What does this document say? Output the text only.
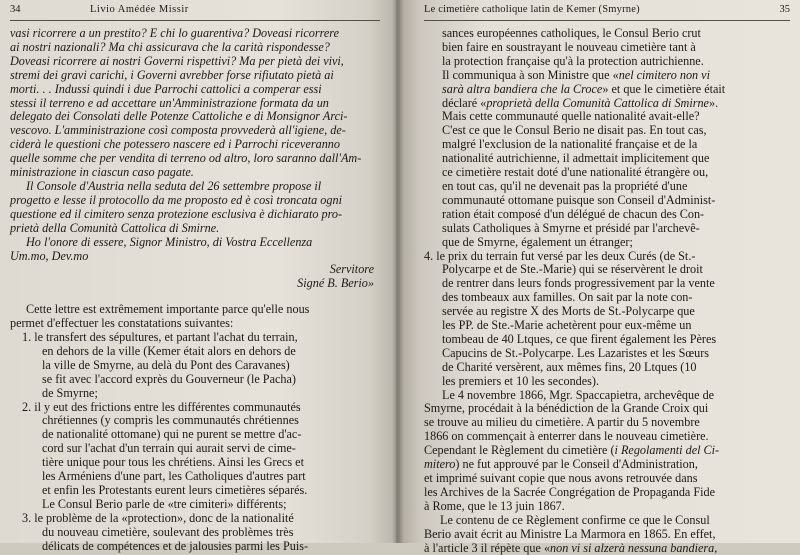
34	Livio Amédée Missir
vasi ricorrere a un prestito? E chi lo guarentiva? Doveasi ricorrere
ai nostri nazionali? Ma chi assicurava che la carità rispondesse?
Doveasi ricorrere ai nostri Governi rispettivi? Ma per pietà dei vivi,
stremi dei gravi carichi, i Governi avrebber forse rifiutato pietà ai
morti. . . Indussi quindi i due Parrochi cattolici a comperar essi
stessi il terreno e ad accettare un'Amministrazione formata da un
delegato dei Consolati delle Potenze Cattoliche e di Monsignor Arci-
vescovo. L'amministrazione così composta provvederà all'igiene, de-
ciderà le questioni che potessero nascere ed i Parrochi riceveranno
quelle somme che per vendita di terreno od altro, loro saranno dall'Am-
ministrazione in ciascun caso pagate.
Il Console d'Austria nella seduta del 26 settembre propose il
progetto e lesse il protocollo da me proposto ed è così troncata ogni
questione ed il cimitero senza protezione esclusiva è dichiarato pro-
prietà della Comunità Cattolica di Smirne.
Ho l'onore di essere, Signor Ministro, di Vostra Eccellenza
Um.mo, Dev.mo
Servitore
Signé B. Berio»
Cette lettre est extrêmement importante parce qu'elle nous
permet d'effectuer les constatations suivantes:
1. le transfert des sépultures, et partant l'achat du terrain,
en dehors de la ville (Kemer était alors en dehors de
la ville de Smyrne, au delà du Pont des Caravanes)
se fit avec l'accord exprès du Gouverneur (le Pacha)
de Smyrne;
2. il y eut des frictions entre les différentes communautés
chrétiennes (y compris les communautés chrétiennes
de nationalité ottomane) qui ne purent se mettre d'ac-
cord sur l'achat d'un terrain qui aurait servi de cime-
tière unique pour tous les chrétiens. Ainsi les Grecs et
les Arméniens d'une part, les Catholiques d'autres part
et enfin les Protestants eurent leurs cimetières séparés.
Le Consul Berio parle de «tre cimiteri» différents;
3. le problème de la «protection», donc de la nationalité
du nouveau cimetière, soulevant des problèmes très
délicats de compétences et de jalousies parmi les Puis-
Le cimetière catholique latin de Kemer (Smyrne)	35
sances européennes catholiques, le Consul Berio crut
bien faire en soustrayant le nouveau cimetière tant à
la protection française qu'à la protection autrichienne.
Il communiqua à son Ministre que «nel cimitero non vi
sarà altra bandiera che la Croce» et que le cimetière était
déclaré «proprietà della Comunità Cattolica di Smirne».
Mais cette communauté quelle nationalité avait-elle?
C'est ce que le Consul Berio ne disait pas. En tout cas,
malgré l'exclusion de la nationalité française et de la
nationalité autrichienne, il admettait implicitement que
ce cimetière restait doté d'une nationalité étrangère ou,
en tout cas, qu'il ne devenait pas la propriété d'une
communauté ottomane puisque son Conseil d'Administ-
ration était composé d'un délégué de chacun des Con-
sulats Catholiques à Smyrne et présidé par l'archevê-
que de Smyrne, également un étranger;
4. le prix du terrain fut versé par les deux Curés (de St.-
Polycarpe et de Ste.-Marie) qui se réservèrent le droit
de rentrer dans leurs fonds progressivement par la vente
des tombeaux aux familles. On sait par la note con-
servée au registre X des Morts de St.-Polycarpe que
les PP. de Ste.-Marie achetèrent pour eux-même un
tombeau de 40 Ltques, ce que firent également les Pères
Capucins de St.-Polycarpe. Les Lazaristes et les Sœurs
de Charité versèrent, aux mêmes fins, 20 Ltques (10
les premiers et 10 les secondes).
Le 4 novembre 1866, Mgr. Spaccapietra, archevêque de
Smyrne, procédait à la bénédiction de la Grande Croix qui
se trouve au milieu du cimetière. A partir du 5 novembre
1866 on commençait à enterrer dans le nouveau cimetière.
Cependant le Règlement du cimetière (i Regolamenti del Ci-
mitero) ne fut approuvé par le Conseil d'Administration,
et imprimé suivant copie que nous avons retrouvée dans
les Archives de la Sacrée Congrégation de Propaganda Fide
à Rome, que le 13 juin 1867.
Le contenu de ce Règlement confirme ce que le Consul
Berio avait écrit au Ministre La Marmora en 1865. En effet,
à l'article 3 il répète que «non vi si alzerà nessuna bandiera,
